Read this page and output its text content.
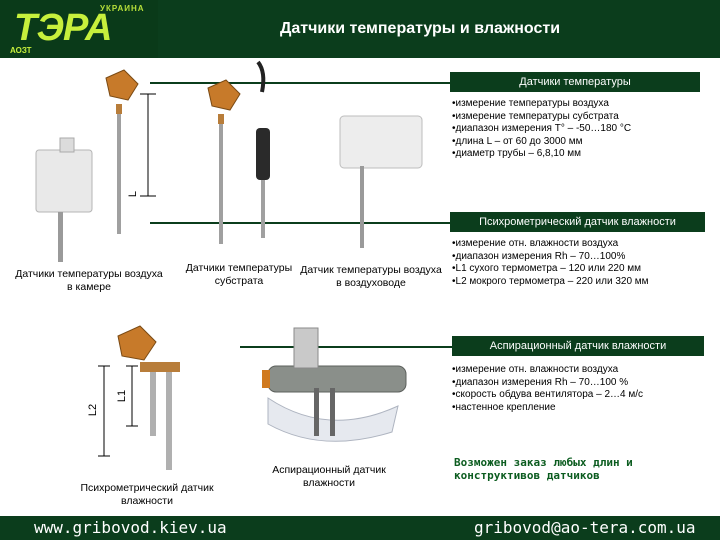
УКРАИНА
ТЭРА
АОЗТ
Датчики температуры и влажности
Датчики температуры
• измерение температуры воздуха
• измерение температуры субстрата
• диапазон измерения Т° – -50…180 °С
• длина L – от 60 до 3000 мм
• диаметр трубы – 6,8,10 мм
Психрометрический датчик влажности
• измерение отн. влажности воздуха
• диапазон измерения Rh – 70…100%
• L1 сухого термометра – 120 или 220 мм
• L2 мокрого термометра – 220 или 320 мм
Аспирационный датчик влажности
• измерение отн. влажности воздуха
• диапазон измерения Rh – 70…100 %
• скорость обдува вентилятора – 2…4 м/с
• настенное крепление
L
L1
L2
Датчики температуры воздуха в камере
Датчики температуры субстрата
Датчик температуры воздуха в воздуховоде
Психрометрический датчик влажности
Аспирационный датчик влажности
Возможен заказ любых длин и конструктивов датчиков
www.gribovod.kiev.ua	gribovod@ao-tera.com.ua
